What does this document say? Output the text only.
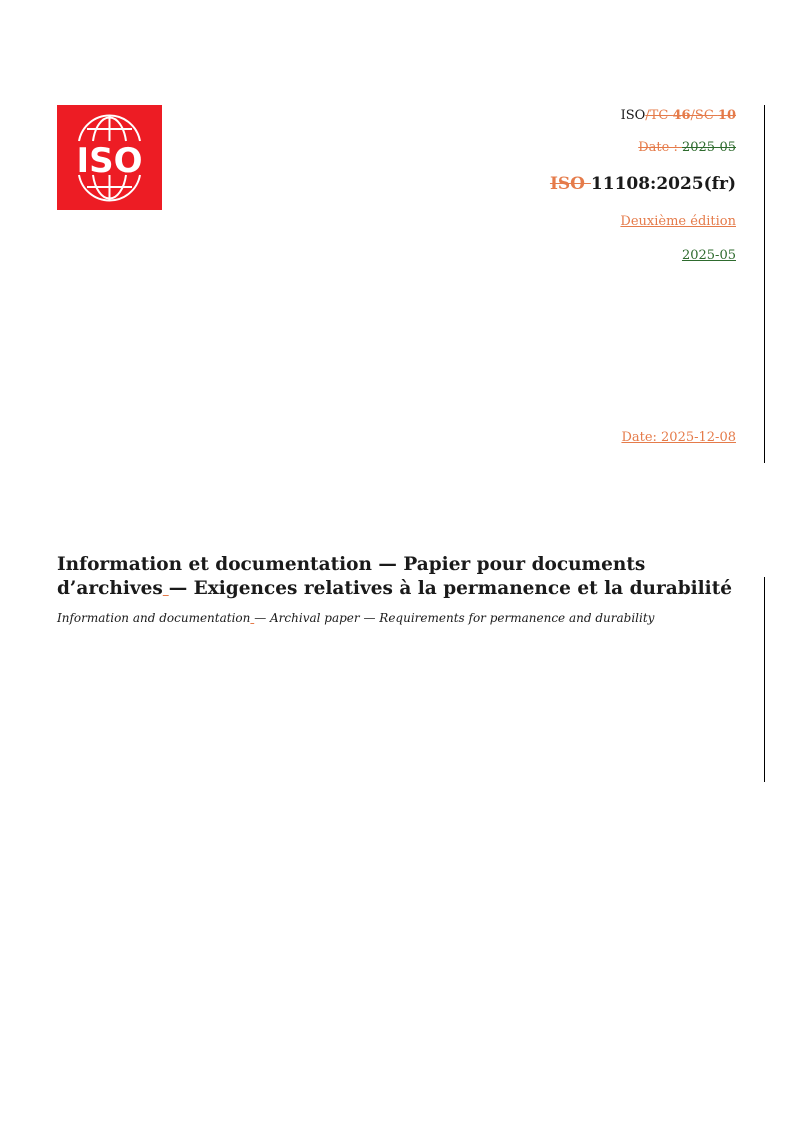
ISO
ISO/TC 46/SC 10
Date : 2025-05
ISO 11108:2025(fr)
Deuxième édition
2025-05
Date: 2025-12-08

Information et documentation — Papier pour documents d’archives — Exigences relatives à la permanence et la durabilité

Information and documentation — Archival paper — Requirements for permanence and durability
